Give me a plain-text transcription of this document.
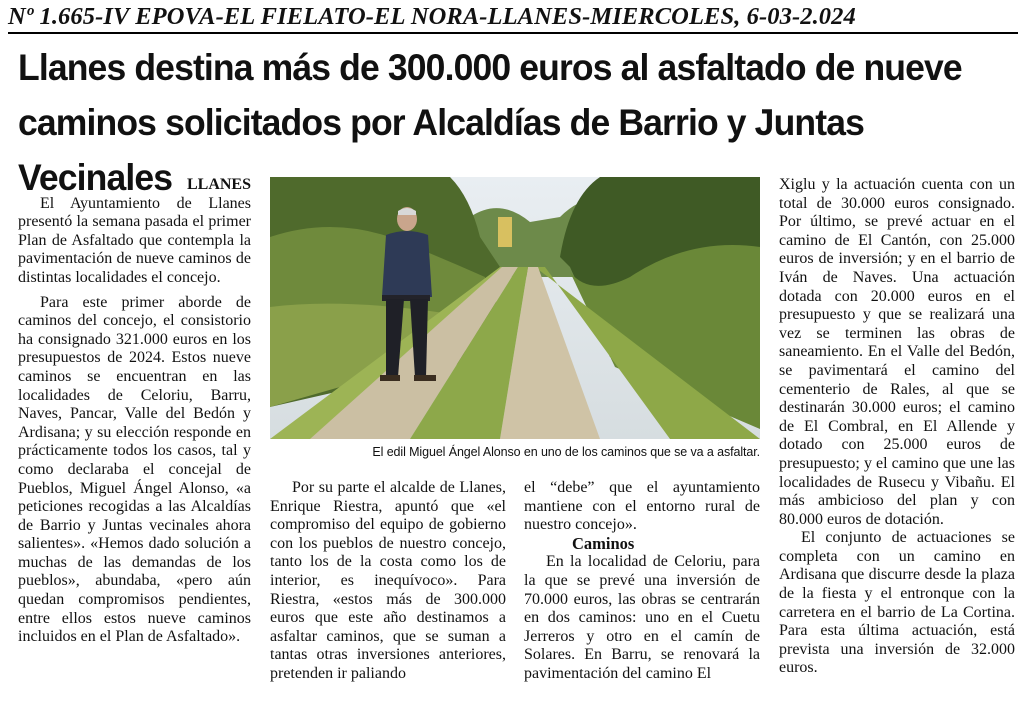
Nº 1.665-IV EPOVA-EL FIELATO-EL NORA-LLANES-MIERCOLES, 6-03-2.024
Llanes destina más de 300.000 euros al asfaltado de nueve
caminos solicitados por Alcaldías de Barrio y Juntas Vecinales LLANES

El Ayuntamiento de Llanes presentó la semana pasada el primer Plan de Asfaltado que contempla la pavimentación de nueve caminos de distintas localidades el concejo.

Para este primer aborde de caminos del concejo, el consistorio ha consignado 321.000 euros en los presupuestos de 2024. Estos nueve caminos se encuentran en las localidades de Celoriu, Barru, Naves, Pancar, Valle del Bedón y Ardisana; y su elección responde en prácticamente todos los casos, tal y como declaraba el concejal de Pueblos, Miguel Ángel Alonso, «a peticiones recogidas a las Alcaldías de Barrio y Juntas vecinales ahora salientes». «Hemos dado solución a muchas de las demandas de los pueblos», abundaba, «pero aún quedan compromisos pendientes, entre ellos estos nueve caminos incluidos en el Plan de Asfaltado».

El edil Miguel Ángel Alonso en uno de los caminos que se va a asfaltar.

Por su parte el alcalde de Llanes, Enrique Riestra, apuntó que «el compromiso del equipo de gobierno con los pueblos de nuestro concejo, tanto los de la costa como los de interior, es inequívoco». Para Riestra, «estos más de 300.000 euros que este año destinamos a asfaltar caminos, que se suman a tantas otras inversiones anteriores, pretenden ir paliando

el “debe” que el ayuntamiento mantiene con el entorno rural de nuestro concejo».

Caminos

En la localidad de Celoriu, para la que se prevé una inversión de 70.000 euros, las obras se centrarán en dos caminos: uno en el Cuetu Jerreros y otro en el camín de Solares. En Barru, se renovará la pavimentación del camino El

Xiglu y la actuación cuenta con un total de 30.000 euros consignado. Por último, se prevé actuar en el camino de El Cantón, con 25.000 euros de inversión; y en el barrio de Iván de Naves. Una actuación dotada con 20.000 euros en el presupuesto y que se realizará una vez se terminen las obras de saneamiento. En el Valle del Bedón, se pavimentará el camino del cementerio de Rales, al que se destinarán 30.000 euros; el camino de El Combral, en El Allende y dotado con 25.000 euros de presupuesto; y el camino que une las localidades de Rusecu y Vibañu. El más ambicioso del plan y con 80.000 euros de dotación.

El conjunto de actuaciones se completa con un camino en Ardisana que discurre desde la plaza de la fiesta y el entronque con la carretera en el barrio de La Cortina. Para esta última actuación, está prevista una inversión de 32.000 euros.
